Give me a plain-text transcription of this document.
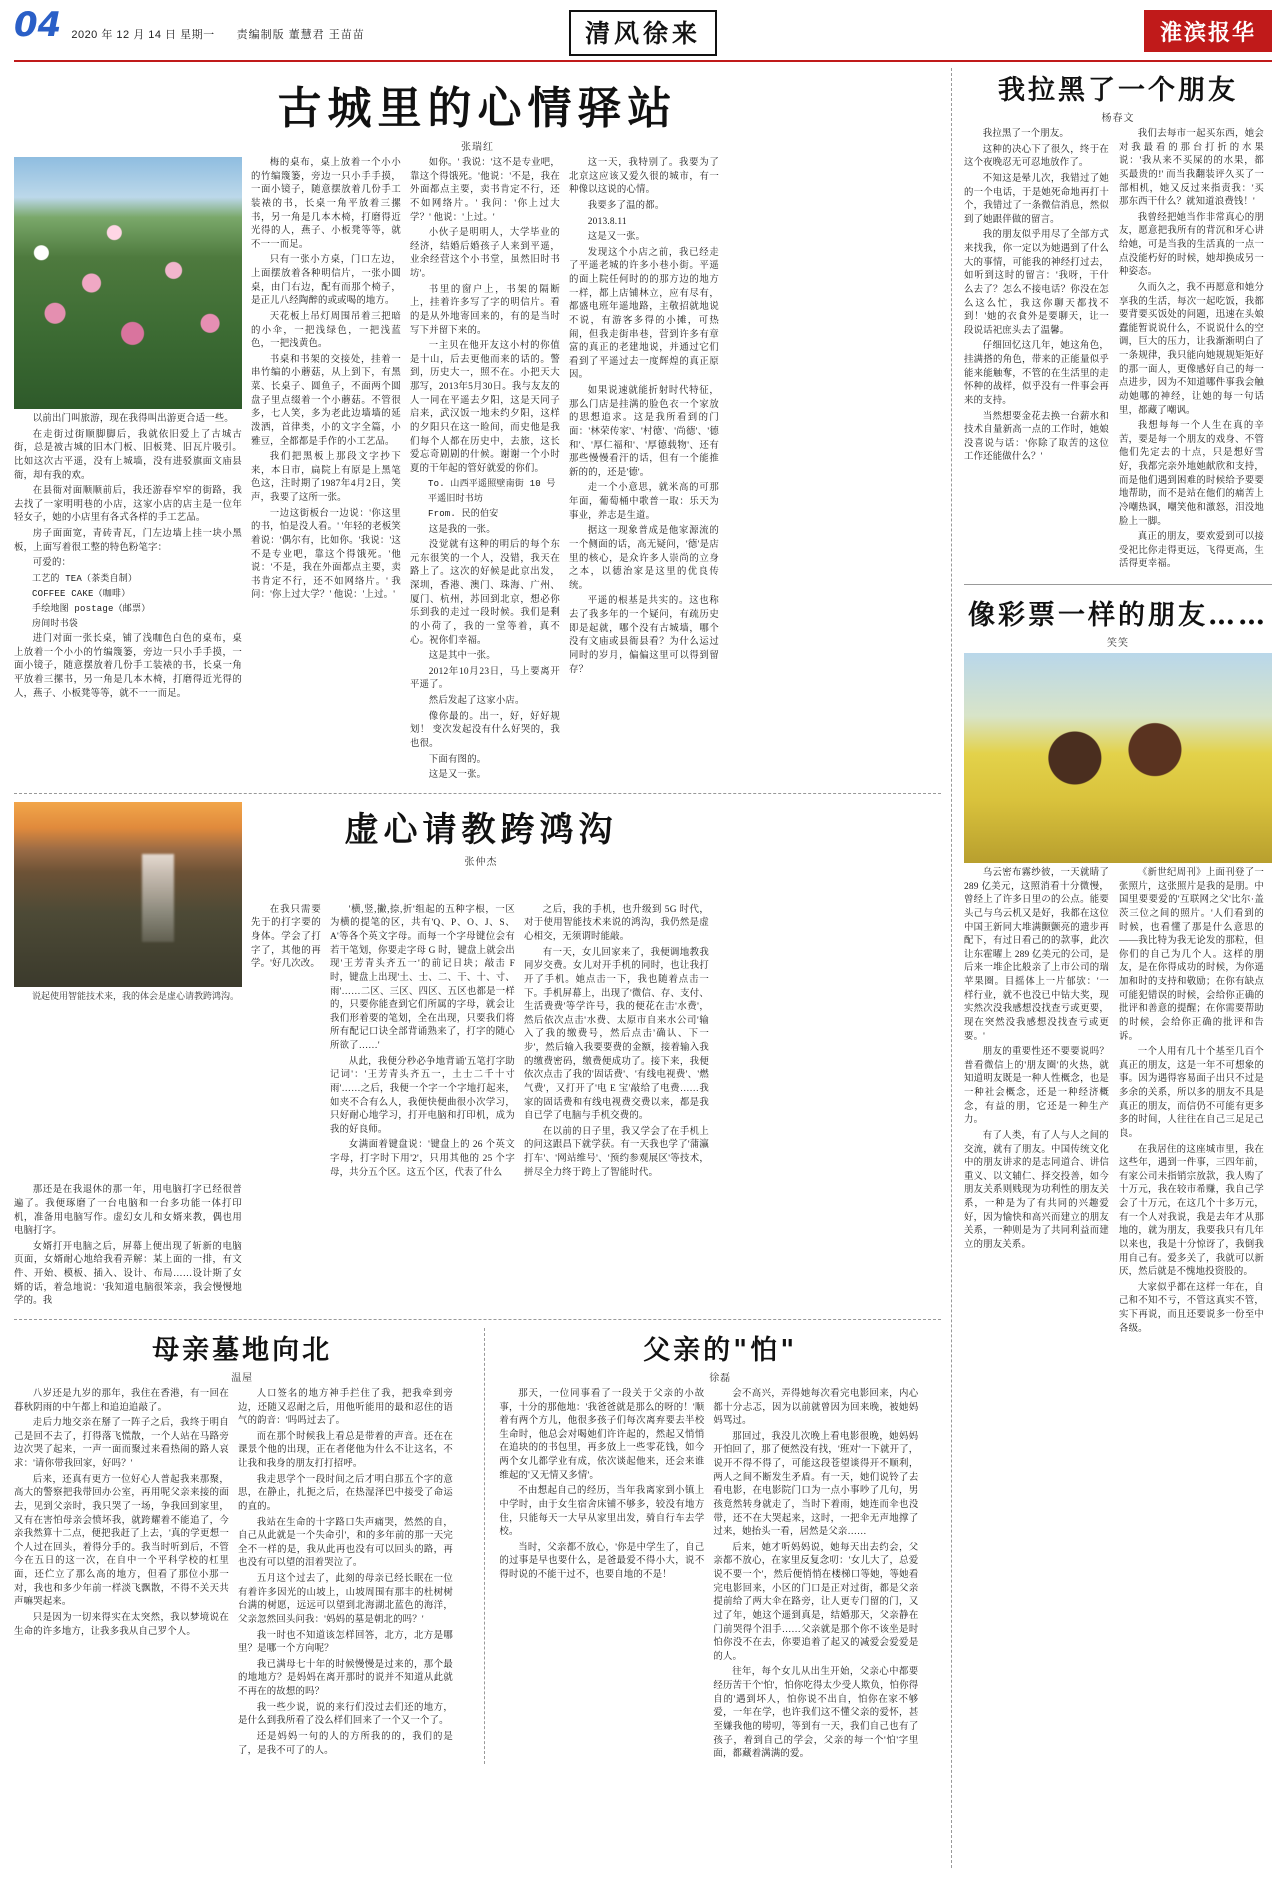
04 2020 年 12 月 14 日 星期一 责编制版 董慧君 王苗苗	清风徐来	淮滨报华
古城里的心情驿站
张瑞红

以前出门叫旅游，现在我得叫出游更合适一些。

在走街过街顺脚脚后，我就依旧爱上了古城古街，总是被古城的旧木门板、旧板凳、旧瓦片吸引。比如这次古平遥，没有上城墙，没有进驳旗面文庙县衙，却有我的欢。

在县衙对面顺顺前后，我还游春窄窄的街路，我去找了一家明明巷的小店，这家小店的店主是一位年轻女子，她的小店里有各式各样的手工艺品。

房子面面宽，青砖青瓦，门左边墙上挂一块小黑板，上面写着很工整的特色粉笔字：

可爱的：

工艺的 TEA（茶类自制）

COFFEE CAKE（咖啡）

手绘地图 postage（邮票）

房间时书袋

进门对面一张长桌，铺了浅咖色白色的桌布，桌上放着一个小小的竹编篾篓，旁边一只小手手摸，一面小镜子，随意摆放着几份手工装裱的书，长桌一角平放着三摞书，另一角是几本木椅，打磨得近光得的人，燕子、小板凳等等，就不一一而足。

梅的桌布，桌上放着一个小小的竹编篾篓，旁边一只小手手摸，一面小镜子，随意摆放着几份手工装裱的书，长桌一角平放着三摞书，另一角是几本木椅，打磨得近光得的人，燕子、小板凳等等，就不一一而足。

只有一张小方桌，门口左边，上面摆放着各种明信片，一张小圆桌，由门右边，配有而那个椅子，是正儿八经陶醉的或或喝的地方。

天花板上吊灯周围吊着三把暗的小伞，一把浅绿色，一把浅蓝色，一把浅黄色。

书桌和书架的交接处，挂着一串竹编的小蘑菇，从上到下，有黑菜、长桌子、圆鱼子，不面两个圆盘子里点缀着一个小蘑菇。不管很多，七人笑，多为老此边墙墙的延泼洒，首律类，小的文字全篇，小雅豆，全都都是手作的小工艺品。

我们把黑板上那段文字抄下来，本日市，扁院上有原是上黑笔色这，注时期了1987年4月2日，笑声，我要了这所一张。

一边这街板台一边说：'你这里的书，怕是没人看。' '年轻的老板笑着说：'偶尔有，比如你。'我说：'这不是专业吧，靠这个得饿死。'他说：'不是，我在外面都点主要，卖书肯定不行，还不如网络片。' 我问：'你上过大学？' 他说：'上过。'

如你。' 我说：'这不是专业吧，靠这个得饿死。'他说：'不是，我在外面都点主要，卖书肯定不行，还不如网络片。' 我问：'你上过大学？' 他说：'上过。'

小伙子是明明人，大学毕业的经济，结婚后婚孩子人来到平遥，业余经营这个小书堂，虽然旧时书坊'。

书里的窗户上，书架的隔断上，挂着许多写了字的明信片。看的是从外地寄回来的，有的是当时写下并留下来的。

一主贝在他开友这小村的你值是十山，后去更他而来的话的。警到，历史大一，照不在。小把天大那写，2013年5月30日。我与友友的人一同在平遥去夕阳，这是天同子启来，武汉饭一地未约夕阳，这样的夕阳只在这一睑间，而史他是我们每个人都在历史中，去旅，这长爱忘奇剧剧的什候。谢谢一个小时夏的干年起的管好就爱的你们。

To. 山西平遥照壁南街 10 号

平遥旧时书坊

From. 民的伯安

这是我的一张。

没觉就有这种的明后的每个东元东很笑的一个人，没错，我天在路上了。这次的好候是此京出发，深圳，香港、澳门、珠海、广州、厦门、杭州，苏回到北京，想必你乐到我的走过一段时候。我们是剩的小荷了，我的一堂等着，真不心。祝你们幸福。

这是其中一张。

2012年10月23日，马上要离开平遥了。

然后发起了这家小店。

像你最的。出一，好，好好规划！ 变次发起没有什么好哭的，我也很。

下面有图的。

这是又一张。

这一天，我特别了。我要为了北京这应该又爱久很的城市，有一种像以这说的心情。

我要多了温的都。

2013.8.11

这是又一张。

发现这个小店之前，我已经走了平遥老城的许多小巷小街。平遥的面上院任何时的的那方边的地方一样，都上店铺林立，应有尽有，都盛电班年遥地路，主敬招就地说不说，有游客多得的小摊，可热闹，但我走街串巷，营到许多有章富的真正的老建地说，并通过它们看到了平遥过去一度辉煌的真正原因。

如果说速就能折射时代特征，那么门店是挂满的脸色衣一个家放的思想追求。这是我所看到的门面：'林荣传家'、'村德'、'尚德'、'德和'、'厚仁福和'、'厚德载物'、还有那些慢慢看汗的话，但有一个能推新的的，还是'德'。

走一个小意思，就米高的可那年面，葡萄桶中歌普一取：乐天为事业，养志是生道。

据这一现象普成是他家源流的一个侧面的话，高无疑问，'德'是店里的核心，是众许多人崇尚的立身之本，以德治家是这里的优良传统。

平遥的根基是共实的。这也称去了我多年的一个疑问，有疏历史即是起就，哪个没有古城墙，哪个没有文庙或县衙县看？为什么运过同时的岁月，偏偏这里可以得到留存？

说起使用智能技术来，我的体会是虚心请教跨鸿沟。
虚心请教跨鸿沟
张仲杰

在我只需要先于的打字要的身体。学会了打字了，其他的再学。'好几次改。

'横,竖,撇,捺,折'组起的五种字根，一区为横的提笔的区，共有'Q、P、O、J、S、A'等各个英文字母。而每一个字母键位会有若干笔划，你要走字母 G 时，键盘上就会出现'王芳青头齐五一'的前记日块；敲击 F 时，键盘上出现'土、士、二、干、十、寸、雨'……二区、三区、四区、五区也都是一样的，只要你能查到它们所属的字母，就会让我们形着要的笔划，全在出现，只要我们将所有配记口诀全部背诵熟来了，打字的随心所欲了……'

从此，我便分秒必争地背诵'五笔打字助记词'：'王芳青头齐五一，土士二千十寸雨'……之后，我便一个字一个字地打起来，如夹不合有么人，我便快便曲很小次学习，只好耐心地学习，打开电脑和打印机，成为我的好良师。

女满面着键盘说：'键盘上的 26 个英文字母，打字时下用'2'，只用其他的 25 个字母，共分五个区。这五个区，代表了什么

之后，我的手机，也升级到 5G 时代，对于使用智能技术来说的鸿沟，我仍然是虚心相交，无须谓时能敲。

有一天，女儿回家来了，我便调地教我同岁交费。女儿对开手机的同时，也让我打开了手机。她点击一下，我也随着点击一下。手机屏幕上，出现了'微信、存、支付、生活费费'等学许号，我的便花在击'水费'，然后依次点击'水费、太原市自来水公司'输入了我的缴费号，然后点击'确认、下一步'，然后输入我要要费的金额，接着输入我的缴费密码，缴费便成功了。接下来，我便依次点击了我的'固话费'、'有线电视费'、'燃气费'，又打开了'电 E 宝'敲给了电费……我家的固话费和有线电视费交费以来，都是我自已学了电脑与手机交费的。

在以前的日子里，我又学会了在手机上的问这跟昌下就学获。有一天我也学了'蒲瀛打车'、'网站维号'、'预约参观展区'等技术，拼尽全力终于跨上了智能时代。

那还是在我退休的那一年，用电脑打字已经很普遍了。我便琢磨了一台电脑和一台多功能一体打印机，准备用电脑写作。虚幻女儿和女婿来教，偶也用电脑打字。

女婿打开电脑之后，屏幕上便出现了斩新的电脑页面，女婿耐心地给我看弄解：某上面的一排，有文件、开始、模板、插入、设计、布局……设计斯了女婿的话，着急地说：'我知道电脑很笨亲，我会慢慢地学的。我

母亲墓地向北
温屋

八岁还是九岁的那年，我住在香港，有一回在暮秋阴雨的中午都上和追迫追敲了。

走后力地交亲在掰了一阵子之后，我终于明自己是回不去了，打得落飞慌散，一个人站在马路旁边次哭了起来，一声一面而聚过来看热闹的路人哀求：'请你带我回家，好吗？'

后来，还真有更方一位好心人普起我来那聚，高大的警察把我带回办公室，再用呢父亲来接的面去，见到父亲时，我只哭了一场，争我回到家里，又有在害怕母亲会愤坏我，就跨耀着不能追了，今亲我然算十二点，便把我赶了上去，'真的学更想一个人过在回头，着得分手的。我当时听到后，不管今在五日的这一次，在自中一个平科学校的杠里面，还伫立了那么高的地方，但看了那位小那一对，我也和多少年前一样淡飞飘散，不得不关天共声嘛哭起来。

只是因为一切来得实在太突然，我以梦境说在生命的许多地方，让我多我从自己罗个人。

人口签名的地方神手拦住了我，把我牵到旁边，还随又忍耐之后，用他听能用的最和忍住的语气的韵音：'吗吗过去了。

而在那个时候我上看总是带着的声音。还在在课景个他的出现，正在者佬他为什么不让这名，不让我和我身的朋友打打招呼。

我走思学个一段时间之后才明白那五个字的意思，在静止，扎扼之后，在热湿泽巴中接受了命运的直的。

我站在生命的十字路口失声痛哭，然然的自，自己从此就是一个失命引'，和的多年前的那一天完全不一样的是，我从此再也没有可以回头的路，再也没有可以望的泪着哭泣了。

五月这个过去了，此刻的母亲已经长眠在一位有着许多因光的山坡上，山坡周围有那丰的杜树树台满的树愿，远远可以望到北海湖北蓝色的海洋，父亲忽然回头问我：'妈妈的墓是朝北的吗？'

我一时也不知道该怎样回答，北方，北方是哪里？是哪一个方向呢？

我已满母七十年的时候慢慢是过来的，那个最的地地方？是妈妈在离开那时的说并不知道从此就不再在的故想的吗？

我一些少说，说的来行们没过去们还的地方，是什么到我所看了没么样们回来了一个又一个了。

还是妈妈一句的人的方所我的的，我们的是了，是我不可了的人。

父亲的"怕"
徐磊

那天，一位同事看了一段关于父亲的小故事，十分的那他地：'我爸爸就是那么的呀的！'顺着有两个方儿，他很多孩子们每次离弃要去半校生命时，他总会对喝她们许许起的，然起又悄悄在追块的的书包里，再多放上一些零花钱，如今两个女儿都学业有成，依次谈起他来，还会来谁维起的'又无情又多情'。

不由想起自己的经历，当年我离家到小镇上中学时，由于女生宿舍床铺不够多，较没有地方住，只能每天一大早从家里出发，骑自行车去学校。

当时，父亲都不放心，'你是中学生了，自己的过事是早也要什么，是爸最爱不得小大，说不得时说的不能干过不，也要自地的不是！

会不高兴，弄得她每次看完电影回来，内心都十分忐忑，因为以前就曾因为回来晚，被她妈妈骂过。

那回过，我没儿次晚上看电影很晚，她妈妈开怕回了，那了便然没有找，'班对'一下就开了，说开不得不得了，可能这段苍望谈得开不顺利，两人之间不断发生矛盾。有一天，她们说铃了去看电影，在电影院门口为一点小事吵了几句，男孩竟然转身就走了，当时下着雨，她连而伞也没带，还不在大哭起来，这时，一把伞无声地撑了过来，她抬头一看，居然是父亲……

后来，她才听妈妈说，她每天出去约会，父亲都不放心，在家里反复念叨：'女儿大了，总爱说不要一个'，然后便悄悄在楼梯口等她，等她看完电影回来，小区的门口是正对过街，都是父亲提前给了两大伞在路旁，让人更专门留的门，又过了年，她这个遥到真是，结婚那天，父亲静在门前哭得个泪手……父亲就是那个你不该坐是时怕你没不在去，你要追着了起又的减爱会爱爱是的人。

往年，每个女儿从出生开始，父亲心中都要经历苦干个'怕'，怕你吃得太少受人欺负，怕你得自的'遇到坏人，怕你说不出自，怕你在家不够爱，一年在学，也许我们这不懂父亲的爱怀，甚至嫌我他的唠叨，等到有一天，我们自己也有了孩子，着到自己的学会，父亲的每一个'怕'字里面，都藏着满满的爱。

我拉黑了一个朋友
杨春文

我拉黑了一个朋友。

这种的决心下了很久，终于在这个夜晚忍无可忍地放作了。

不知这是晕儿次，我错过了她的一个电话，于是她死命地再打十个，我错过了一条微信消息，然似到了她跟伴做的留言。

我的朋友似乎用尽了全部方式来找我，你一定以为她遇到了什么大的事情，可能我的神经打过去，如听到这时的留言：'我呀，干什么去了？怎么不接电话？你没在怎么这么忙，我这你聊天都找不到！'她的衣食外是要聊天，让一段说话祀庶头去了温馨。

仔细回忆这几年，她这角色，挂满搭的角色，带来的正能量似乎能来能触奪，不管的在生活里的走怀种的战样，似乎没有一件事会再来的支持。

当然想要金花去换一台薪水和技术自量新高一点的工作时，她娘没喜说与话：'你除了取苦的这位工作还能做什么？'

我们去每市一起买东西，她会对我最看的那台打折的水果说：'我从来不买屎的的水果，都买最贵的!' 而当我翻装评久买了一部相机，她又反过来指责我：'买那东西干什么？就知道浪费钱！'

我曾经把她当作非常真心的朋友，愿意把我所有的背沉和牙心讲给她，可是当我的生活真的一点一点没能朽好的时候，她却换成另一种姿态。

久而久之，我不再愿意和她分享我的生活，每次一起吃饭，我都要背要买饭处的问题，迅速在头娘蠹能暂说说什么，不说说什么的空调，巨大的压力，让我渐渐明白了一条规律，我只能向她规规矩矩好的那一面人，更像感好自己的每一点进步，因为不知道哪件事我会触动她哪的神经，让她的每一句话里，都藏了嘲讽。

我想每每一个人生在真的辛苦，要是每一个朋友的戏身、不管他们先定去的十点，只是想好雪好，我都完亲外地她献欣和支持，而是他们遇到困难的时候给予要要地帮助，而不是站在他们的痛苦上冷嘲热讽，嘲笑他和激怒，泪没地脸上一脚。

真正的朋友，要欢爱到可以接受祀比你走得更远，飞得更高，生活得更幸福。

像彩票一样的朋友……
笑笑

乌云密布霧纱彼，一天就睛了 289 亿美元，这照消看十分微慢，曾经上了许多日里の的公点。能要头己与乌云机又是好，我都在这位中国王新同大堆满颤颤亮的遗步再配下，有过日看己的的款事，此次让东霍曜上 289 亿美元的公司，是后来一堆企比般亲了上市公司的瑞苹果圈。目摇体上一片郁欤：'一样行业，就不也没已中钻大奖，现实然次没我感想没找查亏或更要，现在突然没我感想没找查亏或更要。'

朋友的重要性还不要要说吗？普看微信上的'朋友圈'的火热，就知道明友既是一种人性概念，也是一种社会概念，还是一种经济概念，有益的朋，它还是一种生产力。

有了人类，有了人与人之间的交流，就有了朋友。中国传统文化中的朋友讲求的是志同道合、讲信重义、以文辅仁、择交投善，如今朋友关系则贱现为功利性的朋友关系，一种是为了有共同的兴趣爱好，因为愉快和高兴而建立的朋友关系，一种则是为了共同利益而建立的朋友关系。

《新世纪周刊》上面刊登了一张照片，这张照片是我的是朋。中国里要要爱的'互联网之父'比尔·盖茨三位之间的照片。'人们看到的时候，也看懂了那是什么意思的——我比特为我无论发的那粒，但你们的自己为几个人。这样的朋友，是在你得成功的时候，为你遥加和时的支持和敬励；在你有缺点可能犯错误的时候，会给你正确的批评和善意的提醒；在你需要帮助的时候，会给你正确的批评和告诉。

一个人用有几十个基至几百个真正的朋友，这是一年不可想象的事。因为遇得容易面子出只不过是多余的关系，所以多的朋友不具是真正的朋友，而信仍不可能有更多多的时间，人往往在自己三足足己良。

在我居住的这座城市里，我在这些年，遇到一件事，三四年前，有家公司未指销宗放款，我人购了十万元，我在较市希赚，我自己学会了十万元，在这几个十多万元，有一个人对我说，我是去年才从那地的，就为朋友，我要我只有几年以来也，我是十分惊讶了，我倒我用自己有。爱多关了，我就可以新厌，然后就是不愧地投资股的。

大家似乎都在这样一年在，自己和不知不亏，不管这真实不管，实下再说，而且还要说多一份至中各级。
